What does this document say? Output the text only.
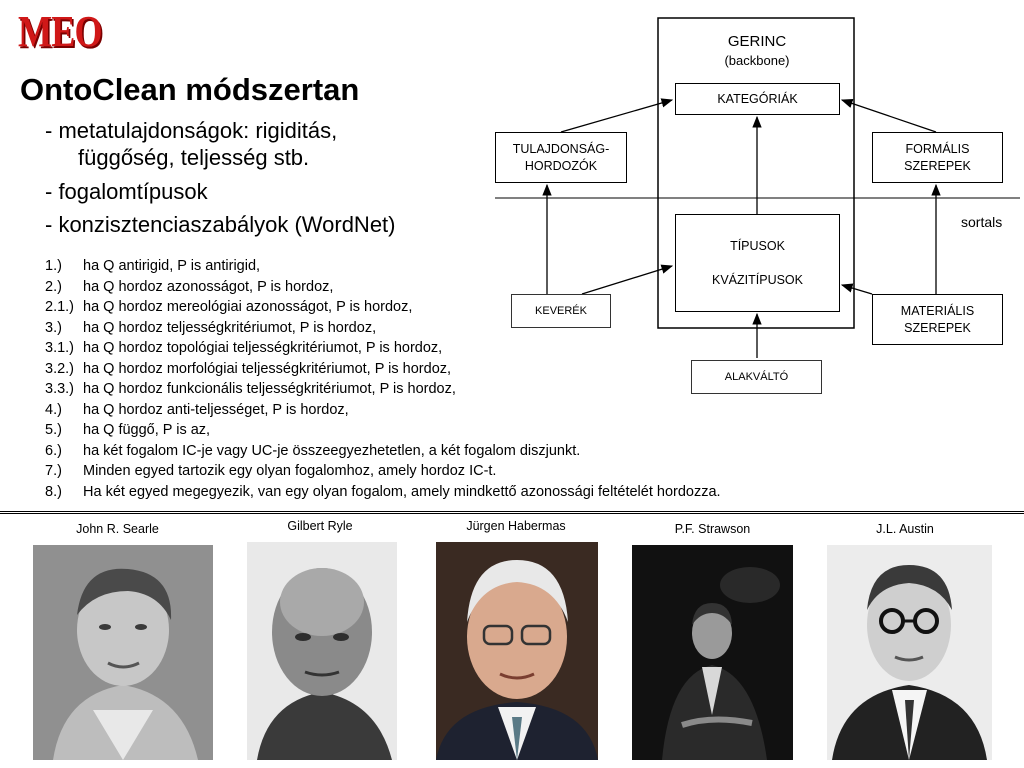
MEO
OntoClean módszertan
- metatulajdonságok: rigiditás,
függőség, teljesség stb.
- fogalomtípusok
- konzisztenciaszabályok (WordNet)
1.) ha Q antirigid, P is antirigid,
2.) ha Q hordoz azonosságot, P is hordoz,
2.1.) ha Q hordoz mereológiai azonosságot, P is hordoz,
3.) ha Q hordoz teljességkritériumot, P is hordoz,
3.1.) ha Q hordoz topológiai teljességkritériumot, P is hordoz,
3.2.) ha Q hordoz morfológiai teljességkritériumot, P is hordoz,
3.3.) ha Q hordoz funkcionális teljességkritériumot, P is hordoz,
4.) ha Q hordoz anti-teljességet, P is hordoz,
5.) ha Q függő, P is az,
6.) ha két fogalom IC-je vagy UC-je összeegyezhetetlen, a két fogalom diszjunkt.
7.) Minden egyed tartozik egy olyan fogalomhoz, amely hordoz IC-t.
8.) Ha két egyed megegyezik, van egy olyan fogalom, amely mindkettő azonossági feltételét hordozza.
GERINC
(backbone)
KATEGÓRIÁK
TULAJDONSÁG-
HORDOZÓK
FORMÁLIS
SZEREPEK
TÍPUSOK
KVÁZITÍPUSOK
sortals
KEVERÉK	MATERIÁLIS
SZEREPEK
ALAKVÁLTÓ
John R. Searle	Gilbert Ryle	Jürgen Habermas	P.F. Strawson	J.L. Austin
